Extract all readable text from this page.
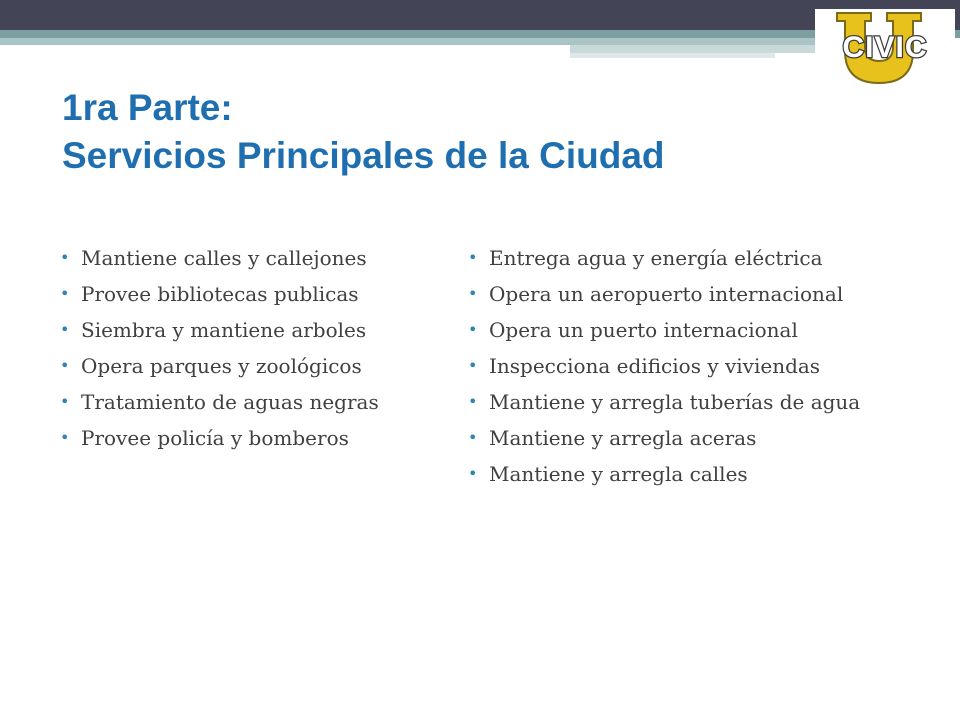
CIVIC
1ra Parte:
Servicios Principales de la Ciudad
• Mantiene calles y callejones
• Provee bibliotecas publicas
• Siembra y mantiene arboles
• Opera parques y zoológicos
• Tratamiento de aguas negras
• Provee policía y bomberos
• Entrega agua y energía eléctrica
• Opera un aeropuerto internacional
• Opera un puerto internacional
• Inspecciona edificios y viviendas
• Mantiene y arregla tuberías de agua
• Mantiene y arregla aceras
• Mantiene y arregla calles
